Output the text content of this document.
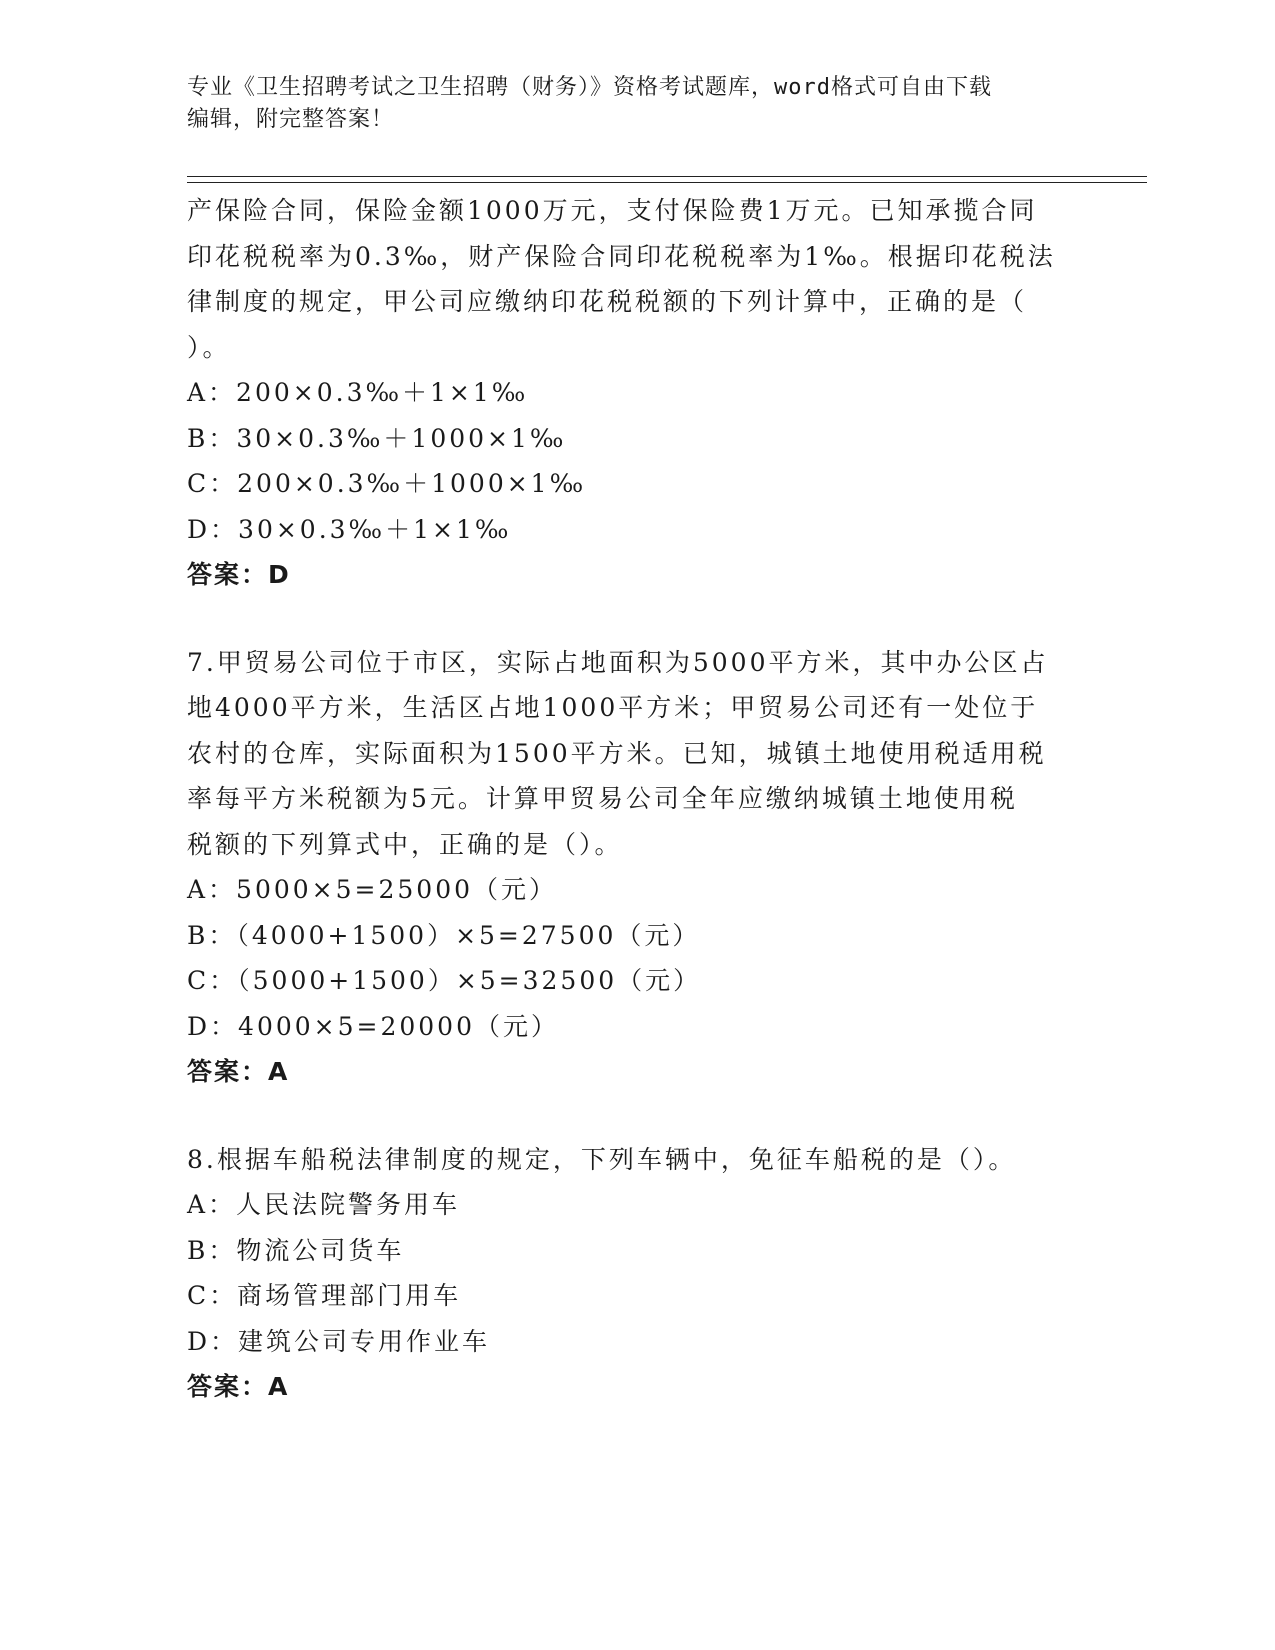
专业《卫生招聘考试之卫生招聘（财务）》资格考试题库，word格式可自由下载
编辑，附完整答案！
产保险合同，保险金额1000万元，支付保险费1万元。已知承揽合同
印花税税率为0.3‰，财产保险合同印花税税率为1‰。根据印花税法
律制度的规定，甲公司应缴纳印花税税额的下列计算中，正确的是（
）。
A：200×0.3‰＋1×1‰
B：30×0.3‰＋1000×1‰
C：200×0.3‰＋1000×1‰
D：30×0.3‰＋1×1‰
答案：D
7.甲贸易公司位于市区，实际占地面积为5000平方米，其中办公区占
地4000平方米，生活区占地1000平方米；甲贸易公司还有一处位于
农村的仓库，实际面积为1500平方米。已知，城镇土地使用税适用税
率每平方米税额为5元。计算甲贸易公司全年应缴纳城镇土地使用税
税额的下列算式中，正确的是（）。
A：5000×5=25000（元）
B：（4000+1500）×5=27500（元）
C：（5000+1500）×5=32500（元）
D：4000×5=20000（元）
答案：A
8.根据车船税法律制度的规定，下列车辆中，免征车船税的是（）。
A：人民法院警务用车
B：物流公司货车
C：商场管理部门用车
D：建筑公司专用作业车
答案：A
